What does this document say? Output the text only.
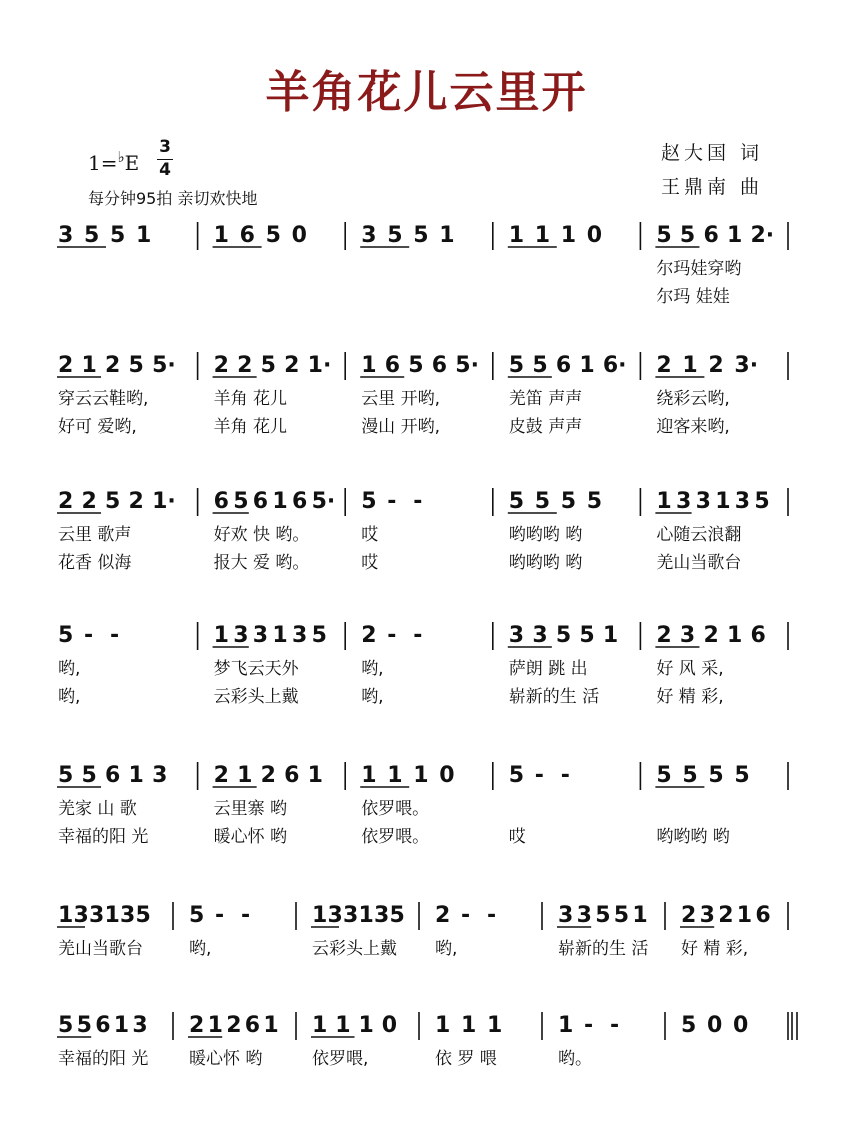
羊角花儿云里开
1=♭E
3
4
每分钟95拍 亲切欢快地
赵大国 词
王鼎南 曲
3 5 5 1	1 6 5 0 3 5 5 1 1 1 1 0 5 5 6 1 2·
尔玛娃穿哟
尔玛 娃娃
2 1 2 5 5·
穿云云鞋哟,
好可 爱哟,
2 2 5 2 1·
羊角 花儿
羊角 花儿
1 6 5 6 5·
云里 开哟,
漫山 开哟,
5 5 6 1 6·
羌笛 声声
皮鼓 声声
2 1 2 3·
绕彩云哟,
迎客来哟,
2 2 5 2 1·
云里 歌声
花香 似海
6 5 6 1 6 5·
好欢 快 哟。
报大 爱 哟。
5 - -
哎
哎
5 5 5 5
哟哟哟 哟
哟哟哟 哟
1 3 3 1 3 5
心随云浪翻
羌山当歌台
5 - -
哟,
哟,
1 3 3 1 3 5
梦飞云天外
云彩头上戴
2 - -
哟,
哟,
3 3 5 5 1
萨朗 跳 出
崭新的生 活
2 3 2 1 6
好 风 采,
好 精 彩,
5 5 6 1 3
羌家 山 歌
幸福的阳 光
2 1 2 6 1
云里寨 哟
暖心怀 哟
1 1 1 0
依罗喂。
依罗喂。
5 - -
哎
5 5 5 5
哟哟哟 哟
1 3 3 1 3 5
羌山当歌台
5 - -
哟,
1 3 3 1 3 5
云彩头上戴
2 - -
哟,
3 3 5 5 1
崭新的生 活
2 3 2 1 6
好 精 彩,
5 5 6 1 3
幸福的阳 光
2 1 2 6 1
暖心怀 哟
1 1 1 0
依罗喂,
1 1 1
依 罗 喂
1 - -
哟。
5 0 0
